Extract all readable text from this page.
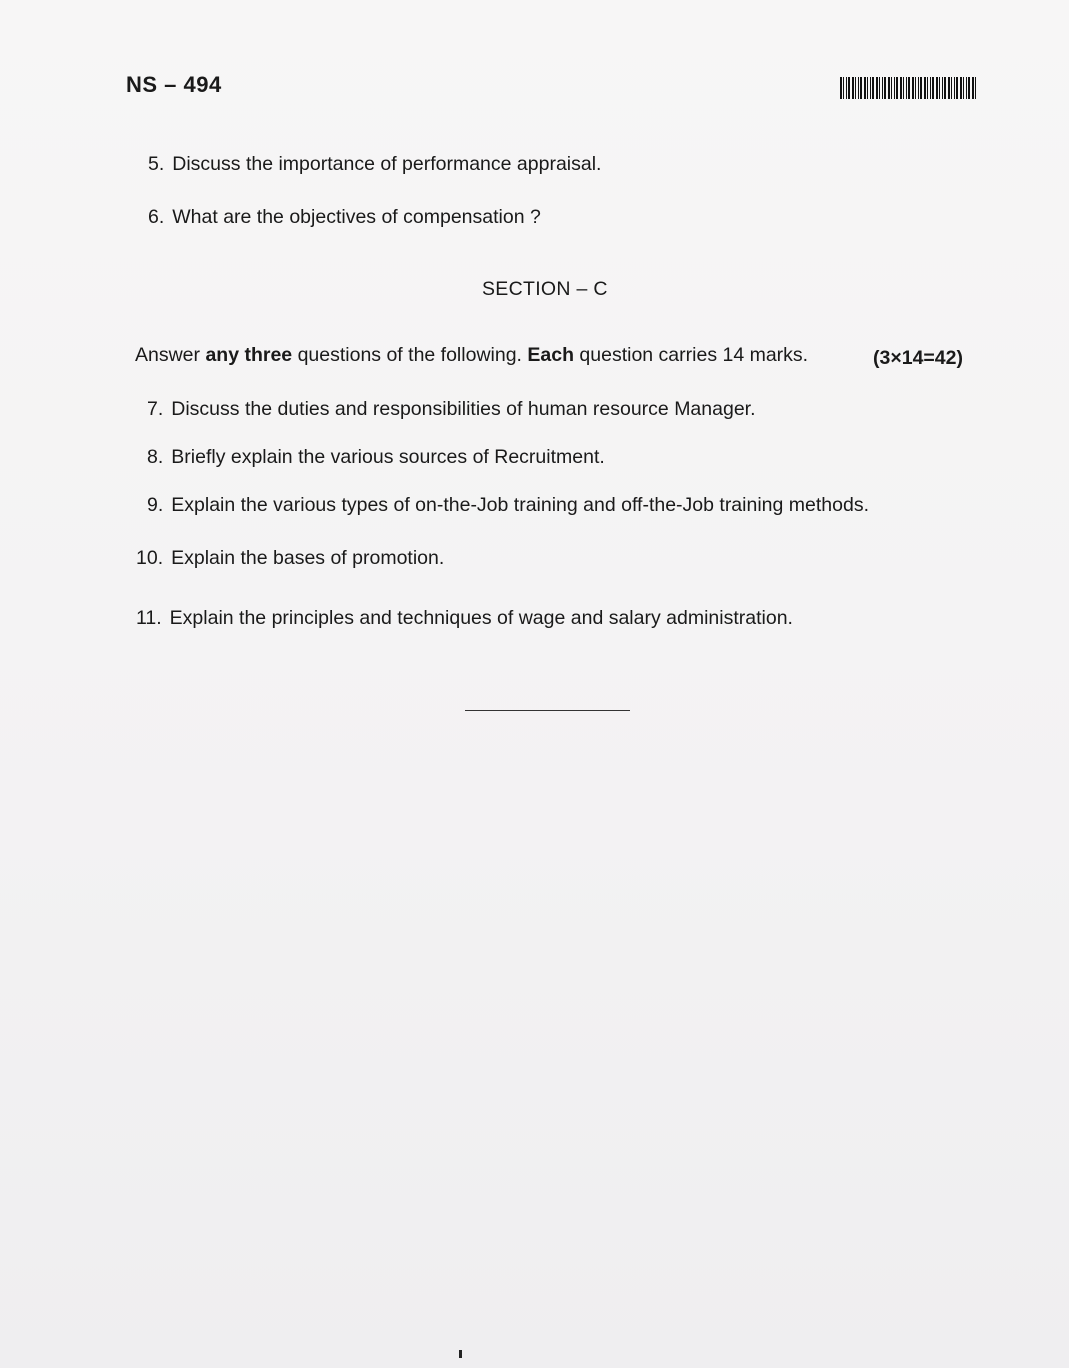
NS – 494
5. Discuss the importance of performance appraisal.
6. What are the objectives of compensation ?
SECTION – C
Answer any three questions of the following. Each question carries 14 marks.	(3×14=42)
7. Discuss the duties and responsibilities of human resource Manager.
8. Briefly explain the various sources of Recruitment.
9. Explain the various types of on-the-Job training and off-the-Job training methods.
10. Explain the bases of promotion.
11. Explain the principles and techniques of wage and salary administration.
